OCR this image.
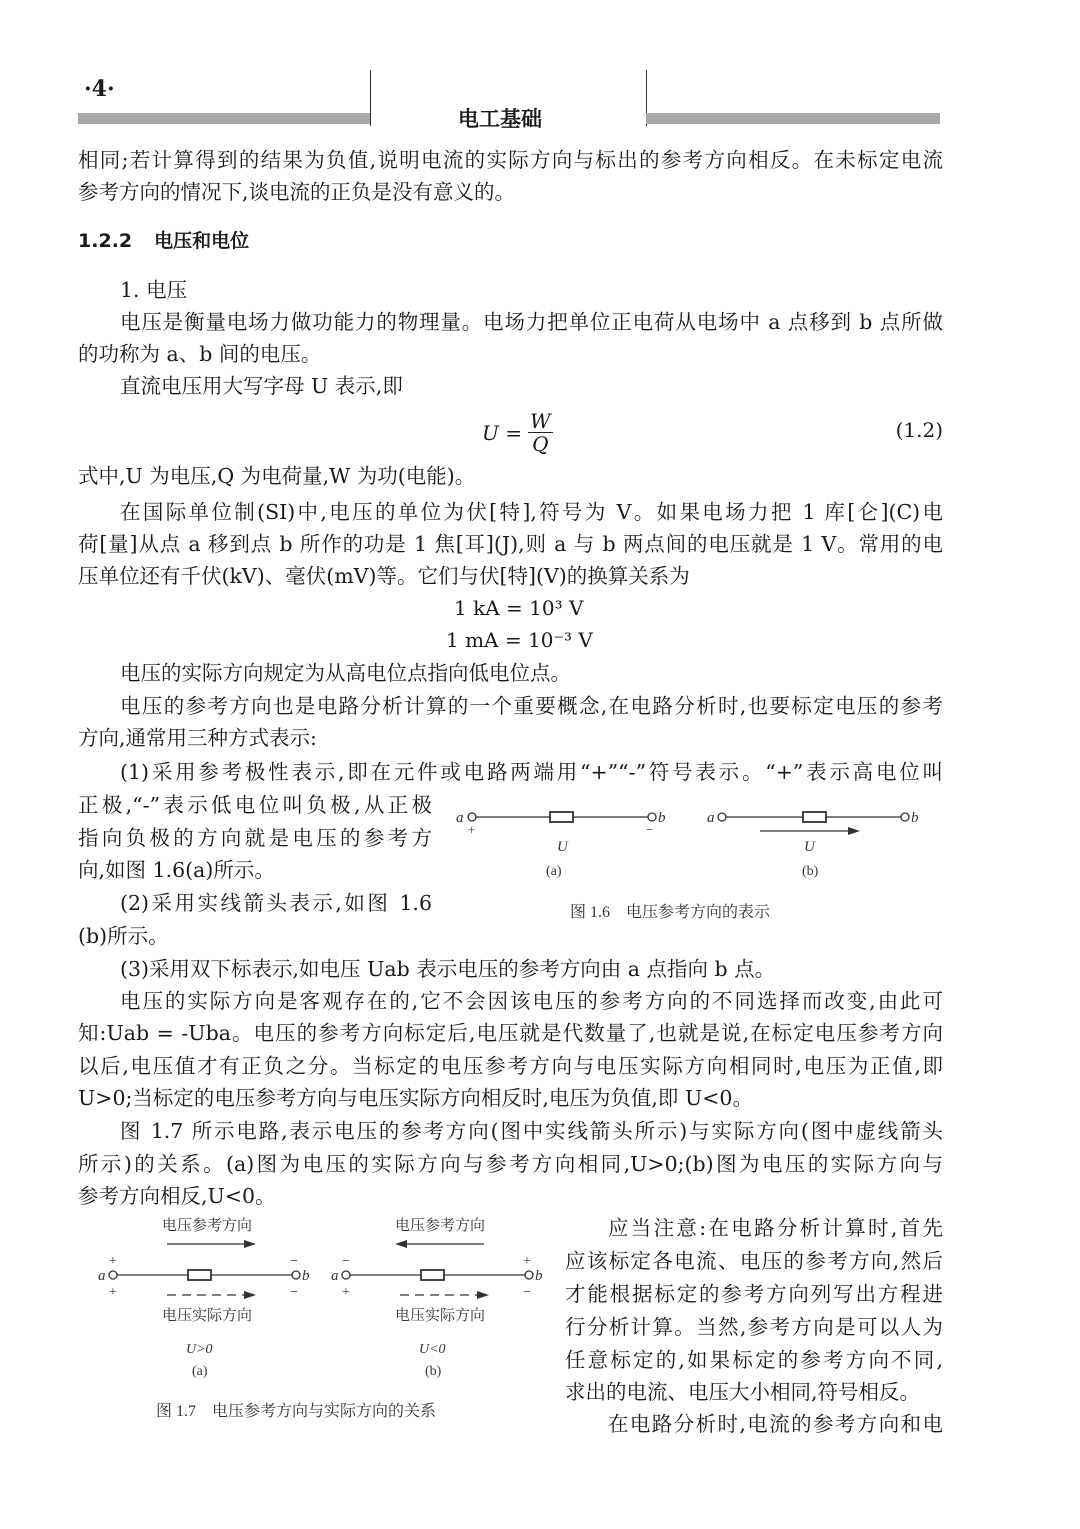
·4·
电工基础
相同;若计算得到的结果为负值,说明电流的实际方向与标出的参考方向相反。在未标定电流
参考方向的情况下,谈电流的正负是没有意义的。
1.2.2 电压和电位
1. 电压
电压是衡量电场力做功能力的物理量。电场力把单位正电荷从电场中 a 点移到 b 点所做
的功称为 a、b 间的电压。
直流电压用大写字母 U 表示,即
$U = \frac{W}{Q}$	(1.2)
式中,U 为电压,Q 为电荷量,W 为功(电能)。
在国际单位制(SI)中,电压的单位为伏[特],符号为 V。如果电场力把 1 库[仑](C)电
荷[量]从点 a 移到点 b 所作的功是 1 焦[耳](J),则 a 与 b 两点间的电压就是 1 V。常用的电
压单位还有千伏(kV)、毫伏(mV)等。它们与伏[特](V)的换算关系为
1 kA = 10³ V
1 mA = 10⁻³ V
电压的实际方向规定为从高电位点指向低电位点。
电压的参考方向也是电路分析计算的一个重要概念,在电路分析时,也要标定电压的参考
方向,通常用三种方式表示:
(1)采用参考极性表示,即在元件或电路两端用“+”“-”符号表示。“+”表示高电位叫
正极,“-”表示低电位叫负极,从正极
指向负极的方向就是电压的参考方
向,如图 1.6(a)所示。
(2)采用实线箭头表示,如图 1.6
(b)所示。
a	b
+	−
U
(a)
a	b
U
(b)
图 1.6　电压参考方向的表示
(3)采用双下标表示,如电压 Uab 表示电压的参考方向由 a 点指向 b 点。
电压的实际方向是客观存在的,它不会因该电压的参考方向的不同选择而改变,由此可
知:Uab = -Uba。电压的参考方向标定后,电压就是代数量了,也就是说,在标定电压参考方向
以后,电压值才有正负之分。当标定的电压参考方向与电压实际方向相同时,电压为正值,即
U>0;当标定的电压参考方向与电压实际方向相反时,电压为负值,即 U<0。
图 1.7 所示电路,表示电压的参考方向(图中实线箭头所示)与实际方向(图中虚线箭头
所示)的关系。(a)图为电压的实际方向与参考方向相同,U>0;(b)图为电压的实际方向与
参考方向相反,U<0。
应当注意:在电路分析计算时,首先
应该标定各电流、电压的参考方向,然后
才能根据标定的参考方向列写出方程进
行分析计算。当然,参考方向是可以人为
任意标定的,如果标定的参考方向不同,
求出的电流、电压大小相同,符号相反。
在电路分析时,电流的参考方向和电
电压参考方向
电压实际方向
+	−
+	−
a	b
U>0
(a)
电压参考方向
电压实际方向
−	+
+	−
a	b
U<0
(b)
图 1.7　电压参考方向与实际方向的关系
